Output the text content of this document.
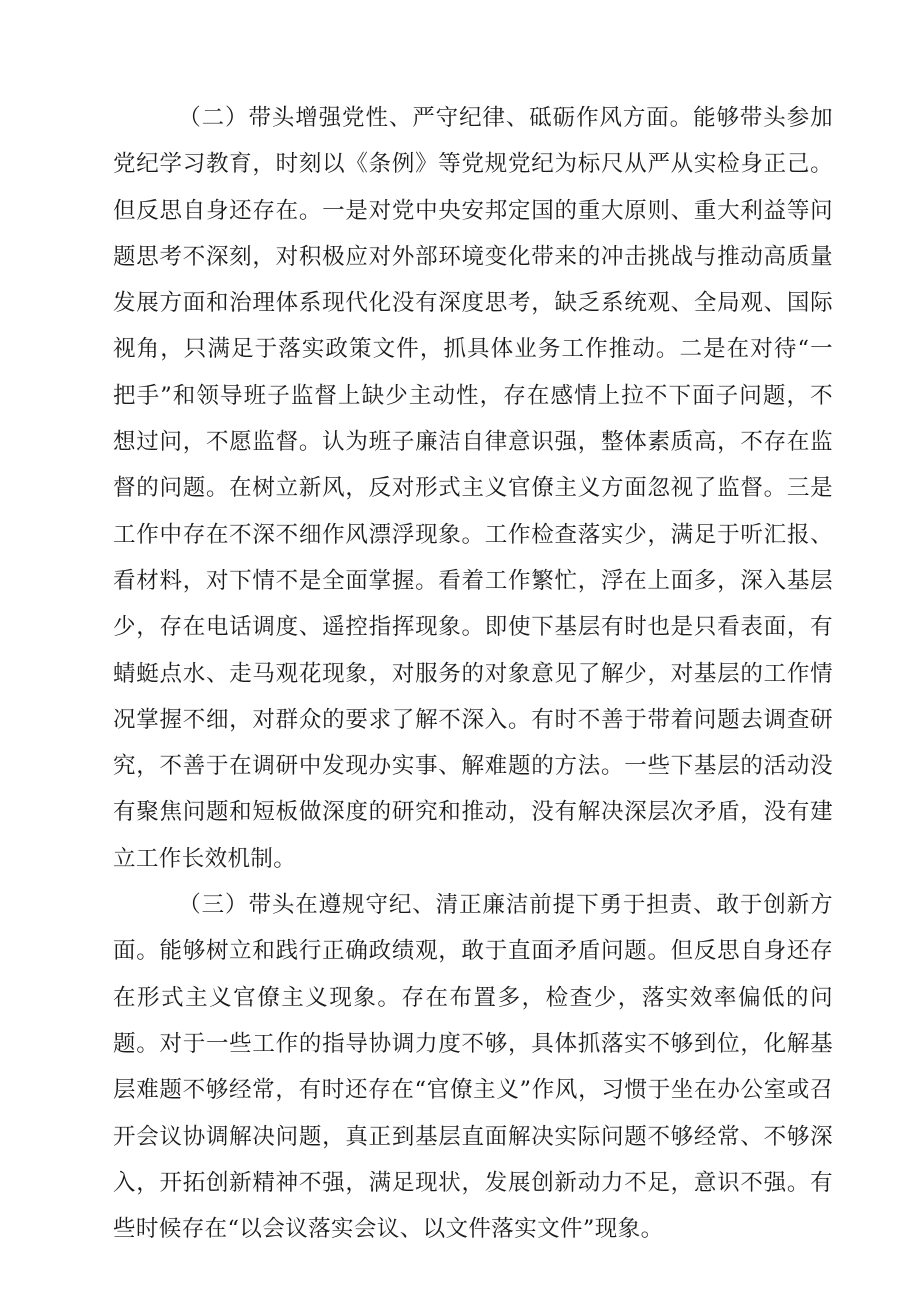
（二）带头增强党性、严守纪律、砥砺作风方面。能够带头参加党纪学习教育，时刻以《条例》等党规党纪为标尺从严从实检身正己。但反思自身还存在。一是对党中央安邦定国的重大原则、重大利益等问题思考不深刻，对积极应对外部环境变化带来的冲击挑战与推动高质量发展方面和治理体系现代化没有深度思考，缺乏系统观、全局观、国际视角，只满足于落实政策文件，抓具体业务工作推动。二是在对待“一把手”和领导班子监督上缺少主动性，存在感情上拉不下面子问题，不想过问，不愿监督。认为班子廉洁自律意识强，整体素质高，不存在监督的问题。在树立新风，反对形式主义官僚主义方面忽视了监督。三是工作中存在不深不细作风漂浮现象。工作检查落实少，满足于听汇报、看材料，对下情不是全面掌握。看着工作繁忙，浮在上面多，深入基层少，存在电话调度、遥控指挥现象。即使下基层有时也是只看表面，有蜻蜓点水、走马观花现象，对服务的对象意见了解少，对基层的工作情况掌握不细，对群众的要求了解不深入。有时不善于带着问题去调查研究，不善于在调研中发现办实事、解难题的方法。一些下基层的活动没有聚焦问题和短板做深度的研究和推动，没有解决深层次矛盾，没有建立工作长效机制。

（三）带头在遵规守纪、清正廉洁前提下勇于担责、敢于创新方面。能够树立和践行正确政绩观，敢于直面矛盾问题。但反思自身还存在形式主义官僚主义现象。存在布置多，检查少，落实效率偏低的问题。对于一些工作的指导协调力度不够，具体抓落实不够到位，化解基层难题不够经常，有时还存在“官僚主义”作风，习惯于坐在办公室或召开会议协调解决问题，真正到基层直面解决实际问题不够经常、不够深入，开拓创新精神不强，满足现状，发展创新动力不足，意识不强。有些时候存在“以会议落实会议、以文件落实文件”现象。
